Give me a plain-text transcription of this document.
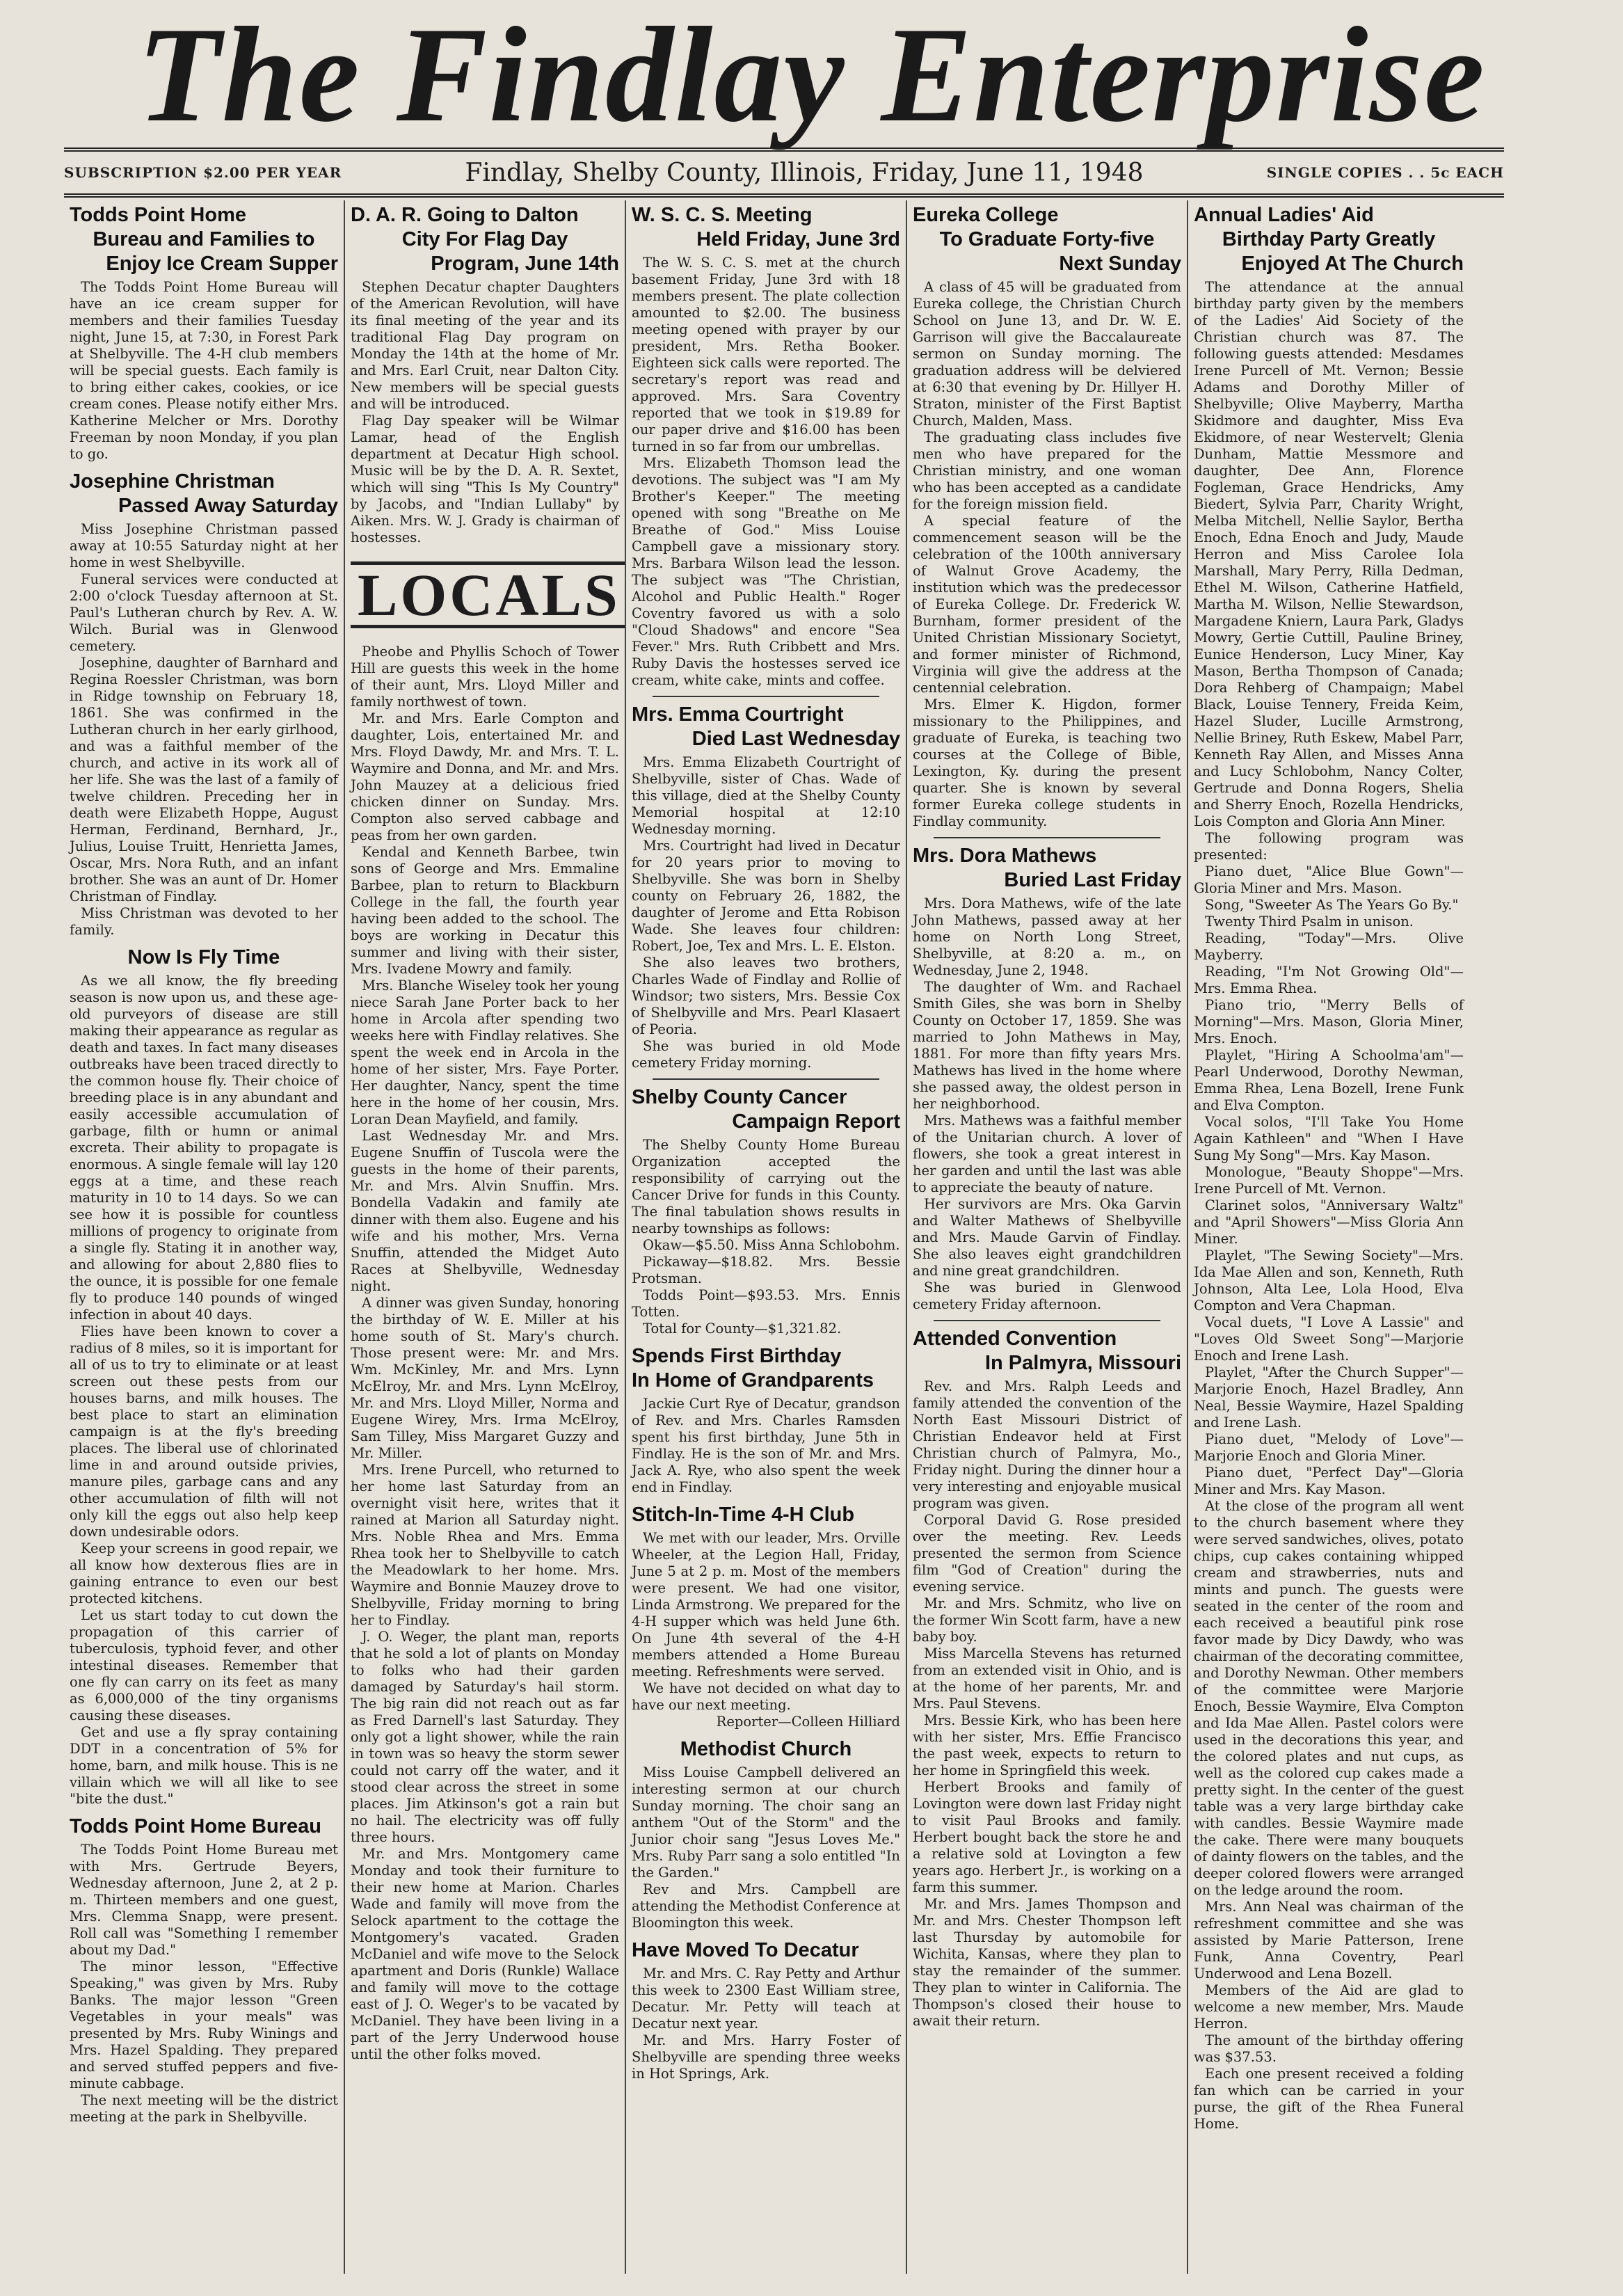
The Findlay Enterprise
SUBSCRIPTION $2.00 PER YEAR	Findlay, Shelby County, Illinois, Friday, June 11, 1948	SINGLE COPIES . . 5c EACH
Todds Point Home
Bureau and Families to
Enjoy Ice Cream Supper

The Todds Point Home Bureau will have an ice cream supper for members and their families Tuesday night, June 15, at 7:30, in Forest Park at Shelbyville. The 4-H club members will be special guests. Each family is to bring either cakes, cookies, or ice cream cones. Please notify either Mrs. Katherine Melcher or Mrs. Dorothy Freeman by noon Monday, if you plan to go.

Josephine Christman
Passed Away Saturday

Miss Josephine Christman passed away at 10:55 Saturday night at her home in west Shelbyville.

Funeral services were conducted at 2:00 o'clock Tuesday afternoon at St. Paul's Lutheran church by Rev. A. W. Wilch. Burial was in Glenwood cemetery.

Josephine, daughter of Barnhard and Regina Roessler Christman, was born in Ridge township on February 18, 1861. She was confirmed in the Lutheran church in her early girlhood, and was a faithful member of the church, and active in its work all of her life. She was the last of a family of twelve children. Preceding her in death were Elizabeth Hoppe, August Herman, Ferdinand, Bernhard, Jr., Julius, Louise Truitt, Henrietta James, Oscar, Mrs. Nora Ruth, and an infant brother. She was an aunt of Dr. Homer Christman of Findlay.

Miss Christman was devoted to her family.

Now Is Fly Time

As we all know, the fly breeding season is now upon us, and these age-old purveyors of disease are still making their appearance as regular as death and taxes. In fact many diseases outbreaks have been traced directly to the common house fly. Their choice of breeding place is in any abundant and easily accessible accumulation of garbage, filth or humn or animal excreta. Their ability to propagate is enormous. A single female will lay 120 eggs at a time, and these reach maturity in 10 to 14 days. So we can see how it is possible for countless millions of progency to originate from a single fly. Stating it in another way, and allowing for about 2,880 flies to the ounce, it is possible for one female fly to produce 140 pounds of winged infection in about 40 days.

Flies have been known to cover a radius of 8 miles, so it is important for all of us to try to eliminate or at least screen out these pests from our houses barns, and milk houses. The best place to start an elimination campaign is at the fly's breeding places. The liberal use of chlorinated lime in and around outside privies, manure piles, garbage cans and any other accumulation of filth will not only kill the eggs out also help keep down undesirable odors.

Keep your screens in good repair, we all know how dexterous flies are in gaining entrance to even our best protected kitchens.

Let us start today to cut down the propagation of this carrier of tuberculosis, typhoid fever, and other intestinal diseases. Remember that one fly can carry on its feet as many as 6,000,000 of the tiny organisms causing these diseases.

Get and use a fly spray containing DDT in a concentration of 5% for home, barn, and milk house. This is ne villain which we will all like to see "bite the dust."

Todds Point Home Bureau

The Todds Point Home Bureau met with Mrs. Gertrude Beyers, Wednesday afternoon, June 2, at 2 p. m. Thirteen members and one guest, Mrs. Clemma Snapp, were present. Roll call was "Something I remember about my Dad."

The minor lesson, "Effective Speaking," was given by Mrs. Ruby Banks. The major lesson "Green Vegetables in your meals" was presented by Mrs. Ruby Winings and Mrs. Hazel Spalding. They prepared and served stuffed peppers and five-minute cabbage.

The next meeting will be the district meeting at the park in Shelbyville.

D. A. R. Going to Dalton
City For Flag Day
Program, June 14th

Stephen Decatur chapter Daughters of the American Revolution, will have its final meeting of the year and its traditional Flag Day program on Monday the 14th at the home of Mr. and Mrs. Earl Cruit, near Dalton City. New members will be special guests and will be introduced.

Flag Day speaker will be Wilmar Lamar, head of the English department at Decatur High school. Music will be by the D. A. R. Sextet, which will sing "This Is My Country" by Jacobs, and "Indian Lullaby" by Aiken. Mrs. W. J. Grady is chairman of hostesses.

LOCALS

Pheobe and Phyllis Schoch of Tower Hill are guests this week in the home of their aunt, Mrs. Lloyd Miller and family northwest of town.

Mr. and Mrs. Earle Compton and daughter, Lois, entertained Mr. and Mrs. Floyd Dawdy, Mr. and Mrs. T. L. Waymire and Donna, and Mr. and Mrs. John Mauzey at a delicious fried chicken dinner on Sunday. Mrs. Compton also served cabbage and peas from her own garden.

Kendal and Kenneth Barbee, twin sons of George and Mrs. Emmaline Barbee, plan to return to Blackburn College in the fall, the fourth year having been added to the school. The boys are working in Decatur this summer and living with their sister, Mrs. Ivadene Mowry and family.

Mrs. Blanche Wiseley took her young niece Sarah Jane Porter back to her home in Arcola after spending two weeks here with Findlay relatives. She spent the week end in Arcola in the home of her sister, Mrs. Faye Porter. Her daughter, Nancy, spent the time here in the home of her cousin, Mrs. Loran Dean Mayfield, and family.

Last Wednesday Mr. and Mrs. Eugene Snuffin of Tuscola were the guests in the home of their parents, Mr. and Mrs. Alvin Snuffin. Mrs. Bondella Vadakin and family ate dinner with them also. Eugene and his wife and his mother, Mrs. Verna Snuffin, attended the Midget Auto Races at Shelbyville, Wednesday night.

A dinner was given Sunday, honoring the birthday of W. E. Miller at his home south of St. Mary's church. Those present were: Mr. and Mrs. Wm. McKinley, Mr. and Mrs. Lynn McElroy, Mr. and Mrs. Lynn McElroy, Mr. and Mrs. Lloyd Miller, Norma and Eugene Wirey, Mrs. Irma McElroy, Sam Tilley, Miss Margaret Guzzy and Mr. Miller.

Mrs. Irene Purcell, who returned to her home last Saturday from an overnight visit here, writes that it rained at Marion all Saturday night. Mrs. Noble Rhea and Mrs. Emma Rhea took her to Shelbyville to catch the Meadowlark to her home. Mrs. Waymire and Bonnie Mauzey drove to Shelbyville, Friday morning to bring her to Findlay.

J. O. Weger, the plant man, reports that he sold a lot of plants on Monday to folks who had their garden damaged by Saturday's hail storm. The big rain did not reach out as far as Fred Darnell's last Saturday. They only got a light shower, while the rain in town was so heavy the storm sewer could not carry off the water, and it stood clear across the street in some places. Jim Atkinson's got a rain but no hail. The electricity was off fully three hours.

Mr. and Mrs. Montgomery came Monday and took their furniture to their new home at Marion. Charles Wade and family will move from the Selock apartment to the cottage the Montgomery's vacated. Graden McDaniel and wife move to the Selock apartment and Doris (Runkle) Wallace and family will move to the cottage east of J. O. Weger's to be vacated by McDaniel. They have been living in a part of the Jerry Underwood house until the other folks moved.

W. S. C. S. Meeting
Held Friday, June 3rd

The W. S. C. S. met at the church basement Friday, June 3rd with 18 members present. The plate collection amounted to $2.00. The business meeting opened with prayer by our president, Mrs. Retha Booker. Eighteen sick calls were reported. The secretary's report was read and approved. Mrs. Sara Coventry reported that we took in $19.89 for our paper drive and $16.00 has been turned in so far from our umbrellas.

Mrs. Elizabeth Thomson lead the devotions. The subject was "I am My Brother's Keeper." The meeting opened with song "Breathe on Me Breathe of God." Miss Louise Campbell gave a missionary story. Mrs. Barbara Wilson lead the lesson. The subject was "The Christian, Alcohol and Public Health." Roger Coventry favored us with a solo "Cloud Shadows" and encore "Sea Fever." Mrs. Ruth Cribbett and Mrs. Ruby Davis the hostesses served ice cream, white cake, mints and coffee.

Mrs. Emma Courtright
Died Last Wednesday

Mrs. Emma Elizabeth Courtright of Shelbyville, sister of Chas. Wade of this village, died at the Shelby County Memorial hospital at 12:10 Wednesday morning.

Mrs. Courtright had lived in Decatur for 20 years prior to moving to Shelbyville. She was born in Shelby county on February 26, 1882, the daughter of Jerome and Etta Robison Wade. She leaves four children: Robert, Joe, Tex and Mrs. L. E. Elston.

She also leaves two brothers, Charles Wade of Findlay and Rollie of Windsor; two sisters, Mrs. Bessie Cox of Shelbyville and Mrs. Pearl Klasaert of Peoria.

She was buried in old Mode cemetery Friday morning.

Shelby County Cancer
Campaign Report

The Shelby County Home Bureau Organization accepted the responsibility of carrying out the Cancer Drive for funds in this County. The final tabulation shows results in nearby townships as follows:

Okaw—$5.50. Miss Anna Schlobohm.

Pickaway—$18.82. Mrs. Bessie Protsman.

Todds Point—$93.53. Mrs. Ennis Totten.

Total for County—$1,321.82.

Spends First Birthday
In Home of Grandparents

Jackie Curt Rye of Decatur, grandson of Rev. and Mrs. Charles Ramsden spent his first birthday, June 5th in Findlay. He is the son of Mr. and Mrs. Jack A. Rye, who also spent the week end in Findlay.

Stitch-In-Time 4-H Club

We met with our leader, Mrs. Orville Wheeler, at the Legion Hall, Friday, June 5 at 2 p. m. Most of the members were present. We had one visitor, Linda Armstrong. We prepared for the 4-H supper which was held June 6th. On June 4th several of the 4-H members attended a Home Bureau meeting. Refreshments were served.

We have not decided on what day to have our next meeting.

Reporter—Colleen Hilliard

Methodist Church

Miss Louise Campbell delivered an interesting sermon at our church Sunday morning. The choir sang an anthem "Out of the Storm" and the Junior choir sang "Jesus Loves Me." Mrs. Ruby Parr sang a solo entitled "In the Garden."

Rev and Mrs. Campbell are attending the Methodist Conference at Bloomington this week.

Have Moved To Decatur

Mr. and Mrs. C. Ray Petty and Arthur this week to 2300 East William stree, Decatur. Mr. Petty will teach at Decatur next year.

Mr. and Mrs. Harry Foster of Shelbyville are spending three weeks in Hot Springs, Ark.

Eureka College
To Graduate Forty-five
Next Sunday

A class of 45 will be graduated from Eureka college, the Christian Church School on June 13, and Dr. W. E. Garrison will give the Baccalaureate sermon on Sunday morning. The graduation address will be delviered at 6:30 that evening by Dr. Hillyer H. Straton, minister of the First Baptist Church, Malden, Mass.

The graduating class includes five men who have prepared for the Christian ministry, and one woman who has been accepted as a candidate for the foreign mission field.

A special feature of the commencement season will be the celebration of the 100th anniversary of Walnut Grove Academy, the institution which was the predecessor of Eureka College. Dr. Frederick W. Burnham, former president of the United Christian Missionary Societyt, and former minister of Richmond, Virginia will give the address at the centennial celebration.

Mrs. Elmer K. Higdon, former missionary to the Philippines, and graduate of Eureka, is teaching two courses at the College of Bible, Lexington, Ky. during the present quarter. She is known by several former Eureka college students in Findlay community.

Mrs. Dora Mathews
Buried Last Friday

Mrs. Dora Mathews, wife of the late John Mathews, passed away at her home on North Long Street, Shelbyville, at 8:20 a. m., on Wednesday, June 2, 1948.

The daughter of Wm. and Rachael Smith Giles, she was born in Shelby County on October 17, 1859. She was married to John Mathews in May, 1881. For more than fifty years Mrs. Mathews has lived in the home where she passed away, the oldest person in her neighborhood.

Mrs. Mathews was a faithful member of the Unitarian church. A lover of flowers, she took a great interest in her garden and until the last was able to appreciate the beauty of nature.

Her survivors are Mrs. Oka Garvin and Walter Mathews of Shelbyville and Mrs. Maude Garvin of Findlay. She also leaves eight grandchildren and nine great grandchildren.

She was buried in Glenwood cemetery Friday afternoon.

Attended Convention
In Palmyra, Missouri

Rev. and Mrs. Ralph Leeds and family attended the convention of the North East Missouri District of Christian Endeavor held at First Christian church of Palmyra, Mo., Friday night. During the dinner hour a very interesting and enjoyable musical program was given.

Corporal David G. Rose presided over the meeting. Rev. Leeds presented the sermon from Science film "God of Creation" during the evening service.

Mr. and Mrs. Schmitz, who live on the former Win Scott farm, have a new baby boy.

Miss Marcella Stevens has returned from an extended visit in Ohio, and is at the home of her parents, Mr. and Mrs. Paul Stevens.

Mrs. Bessie Kirk, who has been here with her sister, Mrs. Effie Francisco the past week, expects to return to her home in Springfield this week.

Herbert Brooks and family of Lovington were down last Friday night to visit Paul Brooks and family. Herbert bought back the store he and a relative sold at Lovington a few years ago. Herbert Jr., is working on a farm this summer.

Mr. and Mrs. James Thompson and Mr. and Mrs. Chester Thompson left last Thursday by automobile for Wichita, Kansas, where they plan to stay the remainder of the summer. They plan to winter in California. The Thompson's closed their house to await their return.

Annual Ladies' Aid
Birthday Party Greatly
Enjoyed At The Church

The attendance at the annual birthday party given by the members of the Ladies' Aid Society of the Christian church was 87. The following guests attended: Mesdames Irene Purcell of Mt. Vernon; Bessie Adams and Dorothy Miller of Shelbyville; Olive Mayberry, Martha Skidmore and daughter, Miss Eva Ekidmore, of near Westervelt; Glenia Dunham, Mattie Messmore and daughter, Dee Ann, Florence Fogleman, Grace Hendricks, Amy Biedert, Sylvia Parr, Charity Wright, Melba Mitchell, Nellie Saylor, Bertha Enoch, Edna Enoch and Judy, Maude Herron and Miss Carolee Iola Marshall, Mary Perry, Rilla Dedman, Ethel M. Wilson, Catherine Hatfield, Martha M. Wilson, Nellie Stewardson, Margadene Kniern, Laura Park, Gladys Mowry, Gertie Cuttill, Pauline Briney, Eunice Henderson, Lucy Miner, Kay Mason, Bertha Thompson of Canada; Dora Rehberg of Champaign; Mabel Black, Louise Tennery, Freida Keim, Hazel Sluder, Lucille Armstrong, Nellie Briney, Ruth Eskew, Mabel Parr, Kenneth Ray Allen, and Misses Anna and Lucy Schlobohm, Nancy Colter, Gertrude and Donna Rogers, Shelia and Sherry Enoch, Rozella Hendricks, Lois Compton and Gloria Ann Miner.

The following program was presented:

Piano duet, "Alice Blue Gown"—Gloria Miner and Mrs. Mason.

Song, "Sweeter As The Years Go By."

Twenty Third Psalm in unison.

Reading, "Today"—Mrs. Olive Mayberry.

Reading, "I'm Not Growing Old"—Mrs. Emma Rhea.

Piano trio, "Merry Bells of Morning"—Mrs. Mason, Gloria Miner, Mrs. Enoch.

Playlet, "Hiring A Schoolma'am"—Pearl Underwood, Dorothy Newman, Emma Rhea, Lena Bozell, Irene Funk and Elva Compton.

Vocal solos, "I'll Take You Home Again Kathleen" and "When I Have Sung My Song"—Mrs. Kay Mason.

Monologue, "Beauty Shoppe"—Mrs. Irene Purcell of Mt. Vernon.

Clarinet solos, "Anniversary Waltz" and "April Showers"—Miss Gloria Ann Miner.

Playlet, "The Sewing Society"—Mrs. Ida Mae Allen and son, Kenneth, Ruth Johnson, Alta Lee, Lola Hood, Elva Compton and Vera Chapman.

Vocal duets, "I Love A Lassie" and "Loves Old Sweet Song"—Marjorie Enoch and Irene Lash.

Playlet, "After the Church Supper"—Marjorie Enoch, Hazel Bradley, Ann Neal, Bessie Waymire, Hazel Spalding and Irene Lash.

Piano duet, "Melody of Love"—Marjorie Enoch and Gloria Miner.

Piano duet, "Perfect Day"—Gloria Miner and Mrs. Kay Mason.

At the close of the program all went to the church basement where they were served sandwiches, olives, potato chips, cup cakes containing whipped cream and strawberries, nuts and mints and punch. The guests were seated in the center of the room and each received a beautiful pink rose favor made by Dicy Dawdy, who was chairman of the decorating committee, and Dorothy Newman. Other members of the committee were Marjorie Enoch, Bessie Waymire, Elva Compton and Ida Mae Allen. Pastel colors were used in the decorations this year, and the colored plates and nut cups, as well as the colored cup cakes made a pretty sight. In the center of the guest table was a very large birthday cake with candles. Bessie Waymire made the cake. There were many bouquets of dainty flowers on the tables, and the deeper colored flowers were arranged on the ledge around the room.

Mrs. Ann Neal was chairman of the refreshment committee and she was assisted by Marie Patterson, Irene Funk, Anna Coventry, Pearl Underwood and Lena Bozell.

Members of the Aid are glad to welcome a new member, Mrs. Maude Herron.

The amount of the birthday offering was $37.53.

Each one present received a folding fan which can be carried in your purse, the gift of the Rhea Funeral Home.
